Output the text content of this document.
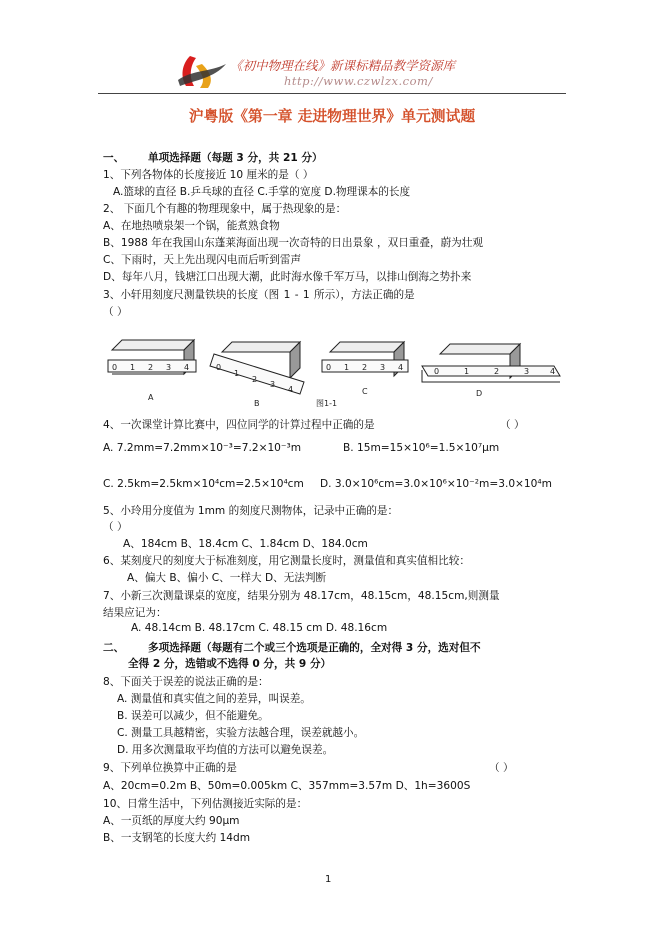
《初中物理在线》新课标精品教学资源库
http://www.czwlzx.com/
沪粤版《第一章 走进物理世界》单元测试题
一、 单项选择题（每题 3 分，共 21 分）
1、下列各物体的长度接近 10 厘米的是（ ）
A.篮球的直径 B.乒乓球的直径 C.手掌的宽度 D.物理课本的长度
2、 下面几个有趣的物理现象中，属于热现象的是：
A、在地热喷泉架一个锅，能煮熟食物
B、1988 年在我国山东蓬莱海面出现一次奇特的日出景象 ，双日重叠，蔚为壮观
C、下雨时，天上先出现闪电而后听到雷声
D、每年八月，钱塘江口出现大潮，此时海水像千军万马，以排山倒海之势扑来
3、小轩用刻度尺测量铁块的长度（图 1 - 1 所示），方法正确的是
（ ）
0 1 2 3 4	0
1
2
3
4
0 1 2 3 4	0	1	2	3	4
A
B
C	D
图1-1
4、一次课堂计算比赛中，四位同学的计算过程中正确的是	（ ）
A. 7.2mm=7.2mm×10⁻³=7.2×10⁻³m	B. 15m=15×10⁶=1.5×10⁷μm
C. 2.5km=2.5km×10⁴cm=2.5×10⁴cm D. 3.0×10⁶cm=3.0×10⁶×10⁻²m=3.0×10⁴m
5、小玲用分度值为 1mm 的刻度尺测物体，记录中正确的是：
（ ）
A、184cm B、18.4cm C、1.84cm D、184.0cm
6、某刻度尺的刻度大于标准刻度，用它测量长度时，测量值和真实值相比较：
A、偏大 B、偏小 C、一样大 D、无法判断
7、小新三次测量课桌的宽度，结果分别为 48.17cm，48.15cm，48.15cm,则测量
结果应记为：
A. 48.14cm B. 48.17cm C. 48.15 cm D. 48.16cm
二、 多项选择题（每题有二个或三个选项是正确的，全对得 3 分，选对但不
全得 2 分，选错或不选得 0 分，共 9 分）
8、下面关于误差的说法正确的是：
A. 测量值和真实值之间的差异，叫误差。
B. 误差可以减少，但不能避免。
C. 测量工具越精密，实验方法越合理，误差就越小。
D. 用多次测量取平均值的方法可以避免误差。
9、下列单位换算中正确的是	（ ）
A、20cm=0.2m B、50m=0.005km C、357mm=3.57m D、1h=3600S
10、日常生活中，下列估测接近实际的是：
A、一页纸的厚度大约 90μm
B、一支钢笔的长度大约 14dm
1
